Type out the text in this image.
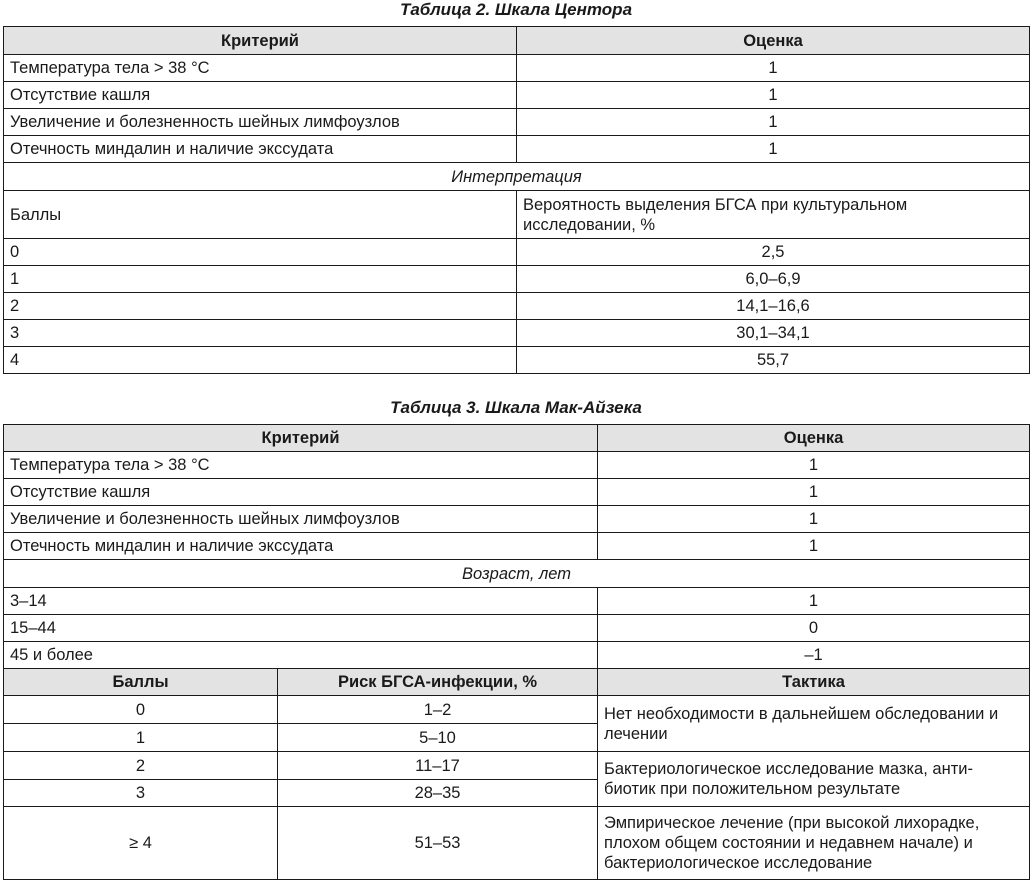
Таблица 2. Шкала Центора
Критерий	Оценка
Температура тела > 38 °C	1
Отсутствие кашля	1
Увеличение и болезненность шейных лимфоузлов	1
Отечность миндалин и наличие экссудата	1
Интерпретация	
Баллы	Вероятность выделения БГСА при культуральном исследовании, %
0	2,5
1	6,0–6,9
2	14,1–16,6
3	30,1–34,1
4	55,7
Таблица 3. Шкала Мак-Айзека
Критерий		Оценка
Температура тела > 38 °C		1
Отсутствие кашля		1
Увеличение и болезненность шейных лимфоузлов		1
Отечность миндалин и наличие экссудата		1
Возраст, лет		
3–14		1
15–44		0
45 и более		–1
Баллы	Риск БГСА-инфекции, %	Тактика
0	1–2	Нет необходимости в дальнейшем обследовании и лечении
1	5–10	
2	11–17	Бактериологическое исследование мазка, анти-биотик при положительном результате
3	28–35	
≥ 4	51–53	Эмпирическое лечение (при высокой лихорадке, плохом общем состоянии и недавнем начале) и бактериологическое исследование
